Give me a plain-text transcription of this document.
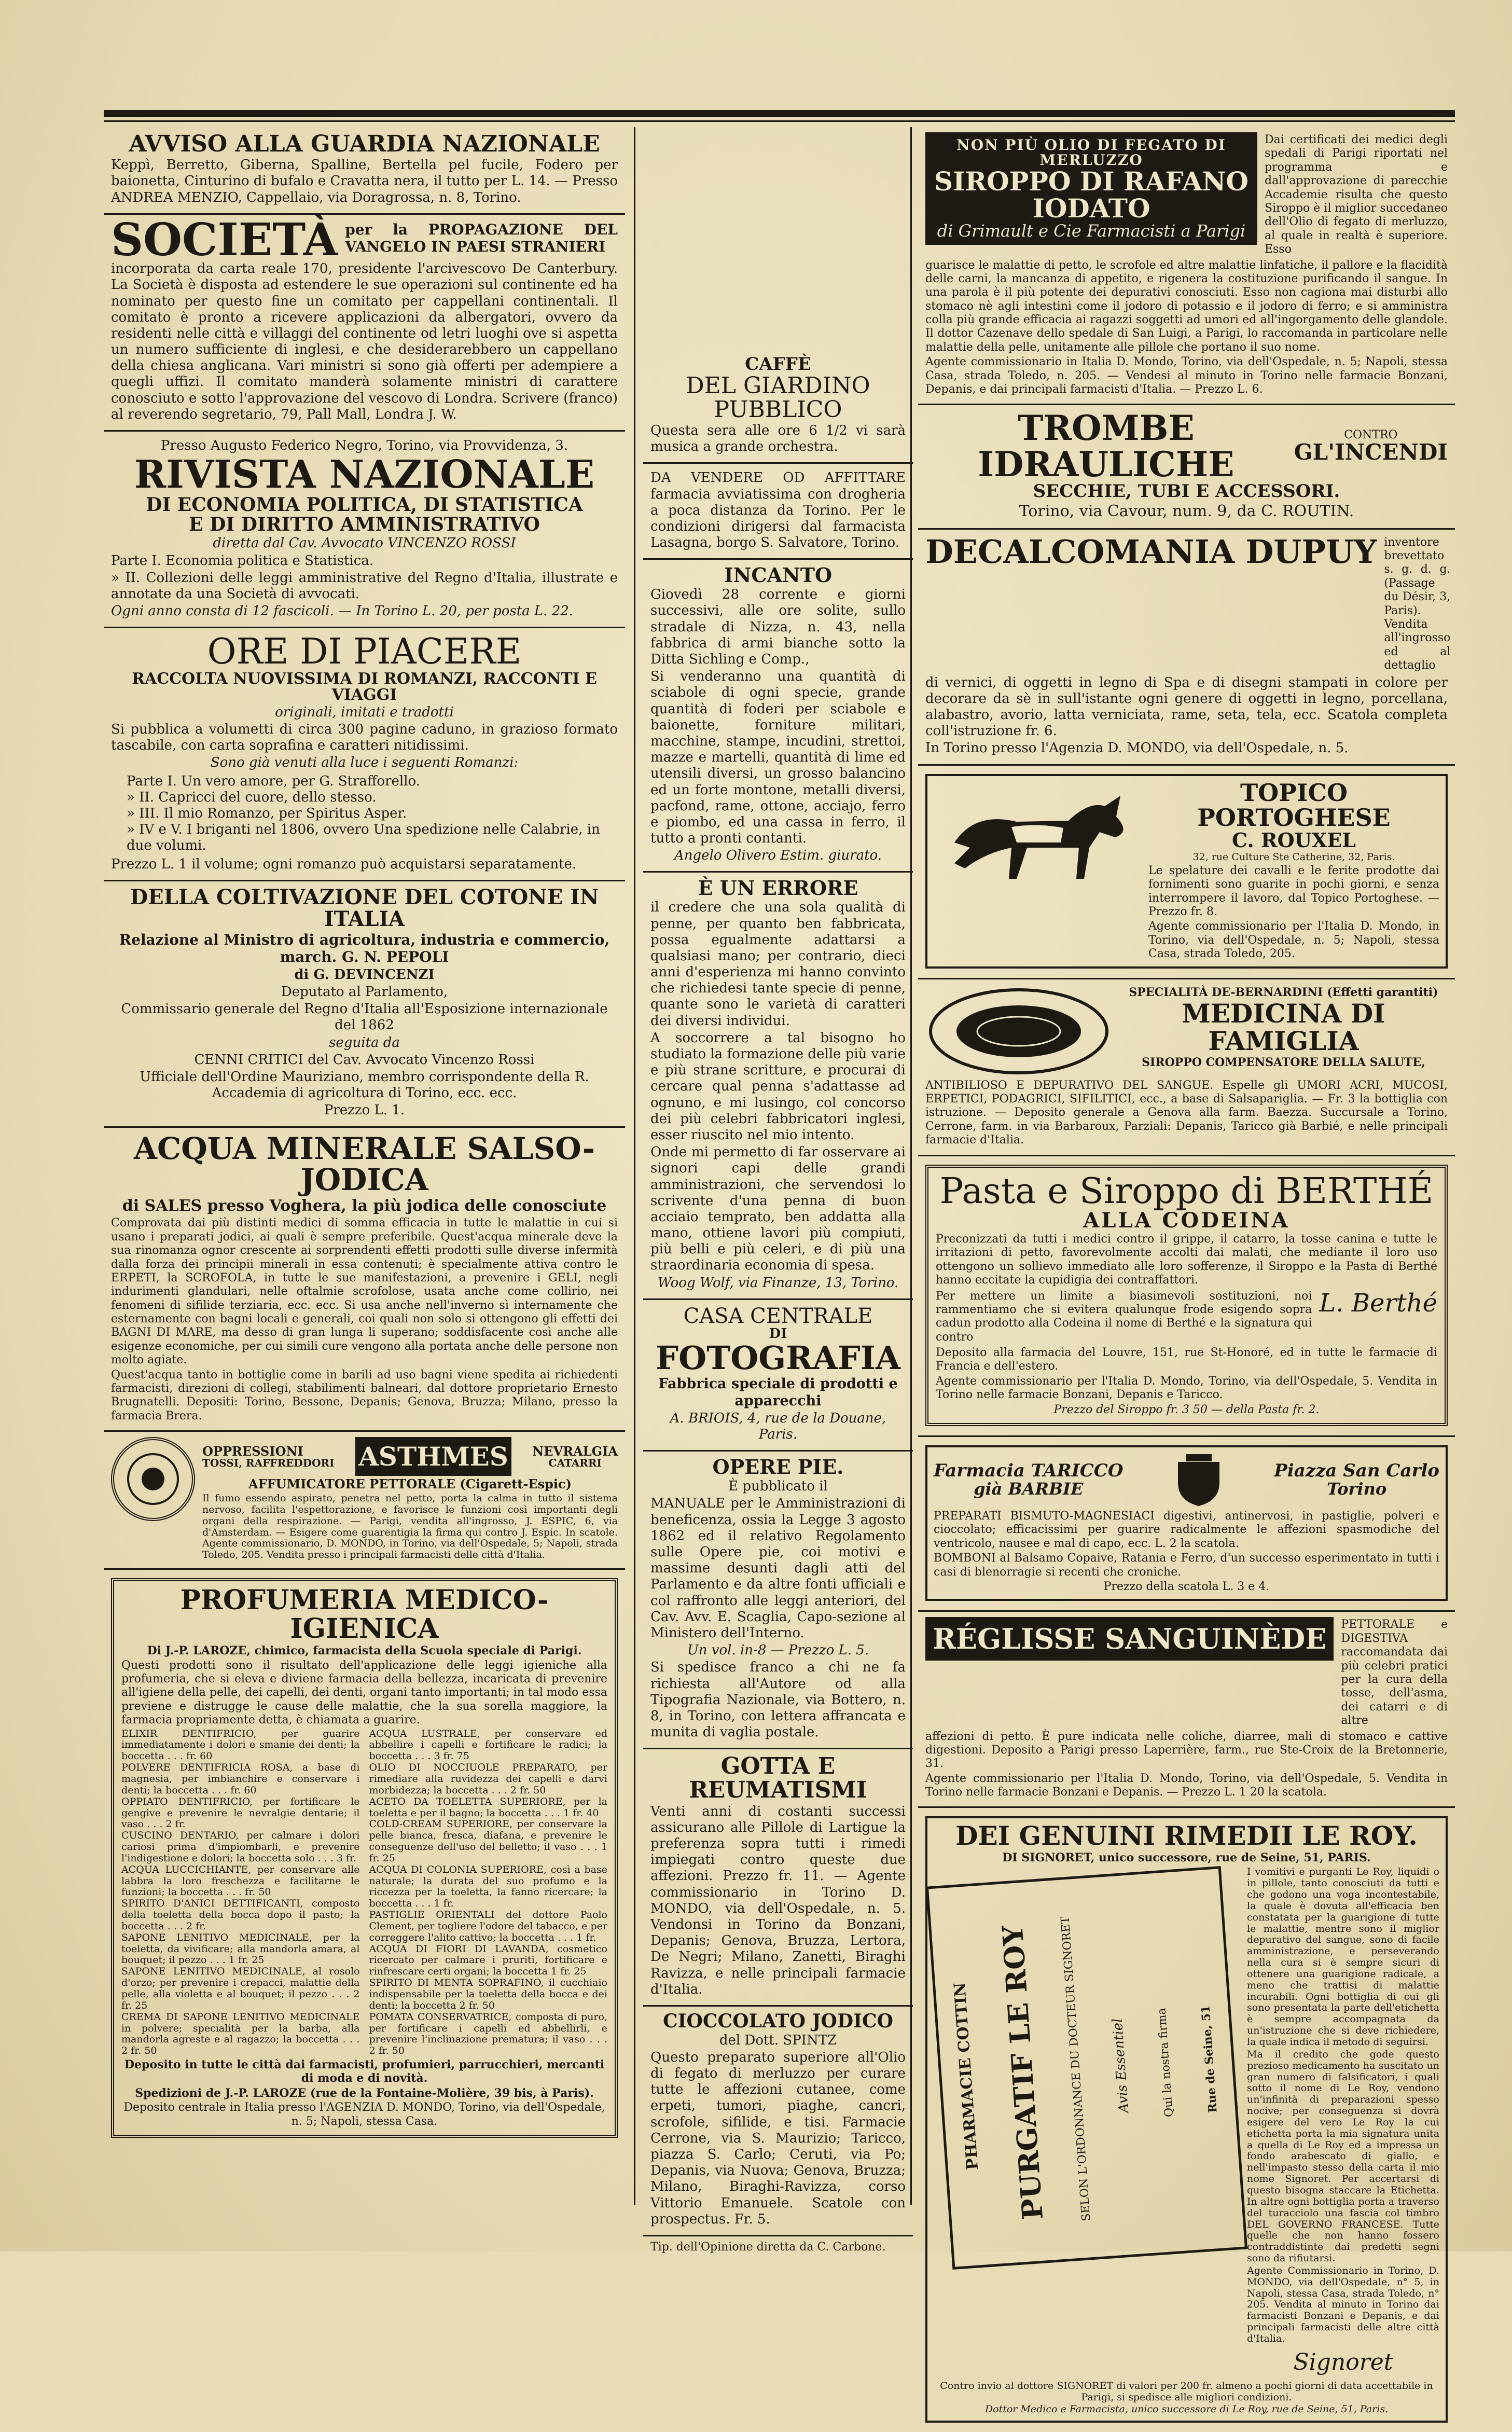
AVVISO ALLA GUARDIA NAZIONALE

Keppì, Berretto, Giberna, Spalline, Bertella pel fucile, Fodero per baionetta, Cinturino di bufalo e Cravatta nera, il tutto per L. 14. — Presso ANDREA MENZIO, Cappellaio, via Doragrossa, n. 8, Torino.

SOCIETÀ per la PROPAGAZIONE DEL VANGELO IN PAESI STRANIERI

incorporata da carta reale 170, presidente l'arcivescovo De Canterbury. La Società è disposta ad estendere le sue operazioni sul continente ed ha nominato per questo fine un comitato per cappellani continentali. Il comitato è pronto a ricevere applicazioni da albergatori, ovvero da residenti nelle città e villaggi del continente od letri luoghi ove si aspetta un numero sufficiente di inglesi, e che desiderarebbero un cappellano della chiesa anglicana. Vari ministri si sono già offerti per adempiere a quegli uffizi. Il comitato manderà solamente ministri di carattere conosciuto e sotto l'approvazione del vescovo di Londra. Scrivere (franco) al reverendo segretario, 79, Pall Mall, Londra J. W.

Presso Augusto Federico Negro, Torino, via Provvidenza, 3.

RIVISTA NAZIONALE

DI ECONOMIA POLITICA, DI STATISTICA

E DI DIRITTO AMMINISTRATIVO

diretta dal Cav. Avvocato VINCENZO ROSSI

Parte I. Economia politica e Statistica.

» II. Collezioni delle leggi amministrative del Regno d'Italia, illustrate e annotate da una Società di avvocati.

Ogni anno consta di 12 fascicoli. — In Torino L. 20, per posta L. 22.

ORE DI PIACERE

RACCOLTA NUOVISSIMA DI ROMANZI, RACCONTI E VIAGGI

originali, imitati e tradotti

Si pubblica a volumetti di circa 300 pagine caduno, in grazioso formato tascabile, con carta soprafina e caratteri nitidissimi.

Sono già venuti alla luce i seguenti Romanzi:

Parte I. Un vero amore, per G. Strafforello.
» II. Capricci del cuore, dello stesso.
» III. Il mio Romanzo, per Spiritus Asper.
» IV e V. I briganti nel 1806, ovvero Una spedizione nelle Calabrie, in due volumi.

Prezzo L. 1 il volume; ogni romanzo può acquistarsi separatamente.

DELLA COLTIVAZIONE DEL COTONE IN ITALIA

Relazione al Ministro di agricoltura, industria e commercio, march. G. N. PEPOLI

di G. DEVINCENZI

Deputato al Parlamento,

Commissario generale del Regno d'Italia all'Esposizione internazionale del 1862

seguita da

CENNI CRITICI del Cav. Avvocato Vincenzo Rossi

Ufficiale dell'Ordine Mauriziano, membro corrispondente della R. Accademia di agricoltura di Torino, ecc. ecc.

Prezzo L. 1.

ACQUA MINERALE SALSO-JODICA

di SALES presso Voghera, la più jodica delle conosciute

Comprovata dai più distinti medici di somma efficacia in tutte le malattie in cui si usano i preparati jodici, ai quali è sempre preferibile. Quest'acqua minerale deve la sua rinomanza ognor crescente ai sorprendenti effetti prodotti sulle diverse infermità dalla forza dei principii minerali in essa contenuti; è specialmente attiva contro le ERPETI, la SCROFOLA, in tutte le sue manifestazioni, a prevenire i GELI, negli indurimenti glandulari, nelle oftalmie scrofolose, usata anche come collirio, nei fenomeni di sifilide terziaria, ecc. ecc. Si usa anche nell'inverno sì internamente che esternamente con bagni locali e generali, coi quali non solo si ottengono gli effetti dei BAGNI DI MARE, ma desso di gran lunga li superano; soddisfacente così anche alle esigenze economiche, per cui simili cure vengono alla portata anche delle persone non molto agiate.

Quest'acqua tanto in bottiglie come in barili ad uso bagni viene spedita ai richiedenti farmacisti, direzioni di collegi, stabilimenti balneari, dal dottore proprietario Ernesto Brugnatelli. Depositi: Torino, Bessone, Depanis; Genova, Bruzza; Milano, presso la farmacia Brera.

OPPRESSIONI

TOSSI, RAFFREDDORI ASTHMES NEVRALGIA

CATARRI

AFFUMICATORE PETTORALE (Cigarett-Espic)

Il fumo essendo aspirato, penetra nel petto, porta la calma in tutto il sistema nervoso, facilita l'espettorazione, e favorisce le funzioni così importanti degli organi della respirazione. — Parigi, vendita all'ingrosso, J. ESPIC, 6, via d'Amsterdam. — Esigere come guarentigia la firma qui contro J. Espic. In scatole. Agente commissionario, D. MONDO, in Torino, via dell'Ospedale, 5; Napoli, strada Toledo, 205. Vendita presso i principali farmacisti delle città d'Italia.

PROFUMERIA MEDICO-IGIENICA

Di J.-P. LAROZE, chimico, farmacista della Scuola speciale di Parigi.

Questi prodotti sono il risultato dell'applicazione delle leggi igieniche alla profumeria, che si eleva e diviene farmacia della bellezza, incaricata di prevenire all'igiene della pelle, dei capelli, dei denti, organi tanto importanti; in tal modo essa previene e distrugge le cause delle malattie, che la sua sorella maggiore, la farmacia propriamente detta, è chiamata a guarire.

ELIXIR DENTIFRICIO, per guarire immediatamente i dolori e smanie dei denti; la boccetta . . . fr. 60

POLVERE DENTIFRICIA ROSA, a base di magnesia, per imbianchire e conservare i denti; la boccetta . . . fr. 60

OPPIATO DENTIFRICIO, per fortificare le gengive e prevenire le nevralgie dentarie; il vaso . . . 2 fr.

CUSCINO DENTARIO, per calmare i dolori cariosi prima d'impiombarli, e prevenire l'indigestione e dolori; la boccetta solo . . . 3 fr.

ACQUA LUCCICHIANTE, per conservare alle labbra la loro freschezza e facilitarne le funzioni; la boccetta . . . fr. 50

SPIRITO D'ANICI DETTIFICANTI, composto della toeletta della bocca dopo il pasto; la boccetta . . . 2 fr.

SAPONE LENITIVO MEDICINALE, per la toeletta, da vivificare; alla mandorla amara, al bouquet; il pezzo . . . 1 fr. 25

SAPONE LENITIVO MEDICINALE, al rosolo d'orzo; per prevenire i crepacci, malattie della pelle, alla violetta e al bouquet; il pezzo . . . 2 fr. 25

CREMA DI SAPONE LENITIVO MEDICINALE in polvere; specialità per la barba, alla mandorla agreste e al ragazzo; la boccetta . . . 2 fr. 50

ACQUA LUSTRALE, per conservare ed abbellire i capelli e fortificare le radici; la boccetta . . . 3 fr. 75

OLIO DI NOCCIUOLE PREPARATO, per rimediare alla ruvidezza dei capelli e darvi morbidezza; la boccetta . . . 2 fr. 50

ACETO DA TOELETTA SUPERIORE, per la toeletta e per il bagno; la boccetta . . . 1 fr. 40

COLD-CREAM SUPERIORE, per conservare la pelle bianca, fresca, diafana, e prevenire le conseguenze dell'uso del belletto; il vaso . . . 1 fr. 25

ACQUA DI COLONIA SUPERIORE, così a base naturale; la durata del suo profumo e la riccezza per la toeletta, la fanno ricercare; la boccetta . . . 1 fr.

PASTIGLIE ORIENTALI del dottore Paolo Clement, per togliere l'odore del tabacco, e per correggere l'alito cattivo; la boccetta . . . 1 fr.

ACQUA DI FIORI DI LAVANDA, cosmetico ricercato per calmare i pruriti, fortificare e rinfrescare certi organi; la boccetta 1 fr. 25

SPIRITO DI MENTA SOPRAFINO, il cucchiaio indispensabile per la toeletta della bocca e dei denti; la boccetta 2 fr. 50

POMATA CONSERVATRICE, composta di puro, per fortificare i capelli ed abbellirli, e prevenire l'inclinazione prematura; il vaso . . . 2 fr. 50

Deposito in tutte le città dai farmacisti, profumieri, parrucchieri, mercanti di moda e di novità.

Spedizioni de J.-P. LAROZE (rue de la Fontaine-Molière, 39 bis, à Paris).

Deposito centrale in Italia presso l'AGENZIA D. MONDO, Torino, via dell'Ospedale, n. 5; Napoli, stessa Casa.

CAFFÈ

DEL GIARDINO PUBBLICO

Questa sera alle ore 6 1/2 vi sarà musica a grande orchestra.

DA VENDERE OD AFFITTARE farmacia avviatissima con drogheria a poca distanza da Torino. Per le condizioni dirigersi dal farmacista Lasagna, borgo S. Salvatore, Torino.

INCANTO

Giovedì 28 corrente e giorni successivi, alle ore solite, sullo stradale di Nizza, n. 43, nella fabbrica di armi bianche sotto la Ditta Sichling e Comp.,

Si venderanno una quantità di sciabole di ogni specie, grande quantità di foderi per sciabole e baionette, forniture militari, macchine, stampe, incudini, strettoi, mazze e martelli, quantità di lime ed utensili diversi, un grosso balancino ed un forte montone, metalli diversi, pacfond, rame, ottone, acciajo, ferro e piombo, ed una cassa in ferro, il tutto a pronti contanti.

Angelo Olivero Estim. giurato.

È UN ERRORE

il credere che una sola qualità di penne, per quanto ben fabbricata, possa egualmente adattarsi a qualsiasi mano; per contrario, dieci anni d'esperienza mi hanno convinto che richiedesi tante specie di penne, quante sono le varietà di caratteri dei diversi individui.

A soccorrere a tal bisogno ho studiato la formazione delle più varie e più strane scritture, e procurai di cercare qual penna s'adattasse ad ognuno, e mi lusingo, col concorso dei più celebri fabbricatori inglesi, esser riuscito nel mio intento.

Onde mi permetto di far osservare ai signori capi delle grandi amministrazioni, che servendosi lo scrivente d'una penna di buon acciaio temprato, ben addatta alla mano, ottiene lavori più compiuti, più belli e più celeri, e di più una straordinaria economia di spesa.

Woog Wolf, via Finanze, 13, Torino.

CASA CENTRALE

DI

FOTOGRAFIA

Fabbrica speciale di prodotti e apparecchi

A. BRIOIS, 4, rue de la Douane, Paris.

OPERE PIE.

È pubblicato il

MANUALE per le Amministrazioni di beneficenza, ossia la Legge 3 agosto 1862 ed il relativo Regolamento sulle Opere pie, coi motivi e massime desunti dagli atti del Parlamento e da altre fonti ufficiali e col raffronto alle leggi anteriori, del Cav. Avv. E. Scaglia, Capo-sezione al Ministero dell'Interno.

Un vol. in-8 — Prezzo L. 5.

Si spedisce franco a chi ne fa richiesta all'Autore od alla Tipografia Nazionale, via Bottero, n. 8, in Torino, con lettera affrancata e munita di vaglia postale.

GOTTA E REUMATISMI

Venti anni di costanti successi assicurano alle Pillole di Lartigue la preferenza sopra tutti i rimedi impiegati contro queste due affezioni. Prezzo fr. 11. — Agente commissionario in Torino D. MONDO, via dell'Ospedale, n. 5. Vendonsi in Torino da Bonzani, Depanis; Genova, Bruzza, Lertora, De Negri; Milano, Zanetti, Biraghi Ravizza, e nelle principali farmacie d'Italia.

CIOCCOLATO JODICO

del Dott. SPINTZ

Questo preparato superiore all'Olio di fegato di merluzzo per curare tutte le affezioni cutanee, come erpeti, tumori, piaghe, cancri, scrofole, sifilide, e tisi. Farmacie Cerrone, via S. Maurizio; Taricco, piazza S. Carlo; Ceruti, via Po; Depanis, via Nuova; Genova, Bruzza; Milano, Biraghi-Ravizza, corso Vittorio Emanuele. Scatole con prospectus. Fr. 5.

Tip. dell'Opinione diretta da C. Carbone.

NON PIÙ OLIO DI FEGATO DI MERLUZZO

SIROPPO DI RAFANO IODATO

di Grimault e Cie Farmacisti a Parigi

Dai certificati dei medici degli spedali di Parigi riportati nel programma e dall'approvazione di parecchie Accademie risulta che questo Siroppo è il miglior succedaneo dell'Olio di fegato di merluzzo, al quale in realtà è superiore. Esso

guarisce le malattie di petto, le scrofole ed altre malattie linfatiche, il pallore e la flacidità delle carni, la mancanza di appetito, e rigenera la costituzione purificando il sangue. In una parola è il più potente dei depurativi conosciuti. Esso non cagiona mai disturbi allo stomaco nè agli intestini come il jodoro di potassio e il jodoro di ferro; e si amministra colla più grande efficacia ai ragazzi soggetti ad umori ed all'ingorgamento delle glandole. Il dottor Cazenave dello spedale di San Luigi, a Parigi, lo raccomanda in particolare nelle malattie della pelle, unitamente alle pillole che portano il suo nome.

Agente commissionario in Italia D. Mondo, Torino, via dell'Ospedale, n. 5; Napoli, stessa Casa, strada Toledo, n. 205. — Vendesi al minuto in Torino nelle farmacie Bonzani, Depanis, e dai principali farmacisti d'Italia. — Prezzo L. 6.

TROMBE IDRAULICHE

CONTRO

GL'INCENDI

SECCHIE, TUBI E ACCESSORI.

Torino, via Cavour, num. 9, da C. ROUTIN.

DECALCOMANIA DUPUY inventore brevettato s. g. d. g. (Passage du Désir, 3, Paris). Vendita all'ingrosso ed al dettaglio

di vernici, di oggetti in legno di Spa e di disegni stampati in colore per decorare da sè in sull'istante ogni genere di oggetti in legno, porcellana, alabastro, avorio, latta verniciata, rame, seta, tela, ecc. Scatola completa coll'istruzione fr. 6.

In Torino presso l'Agenzia D. MONDO, via dell'Ospedale, n. 5.

TOPICO PORTOGHESE

C. ROUXEL

32, rue Culture Ste Catherine, 32, Paris.

Le spelature dei cavalli e le ferite prodotte dai fornimenti sono guarite in pochi giorni, e senza interrompere il lavoro, dal Topico Portoghese. — Prezzo fr. 8.

Agente commissionario per l'Italia D. Mondo, in Torino, via dell'Ospedale, n. 5; Napoli, stessa Casa, strada Toledo, 205.

SPECIALITÀ DE-BERNARDINI (Effetti garantiti)

MEDICINA DI FAMIGLIA

SIROPPO COMPENSATORE DELLA SALUTE,

ANTIBILIOSO E DEPURATIVO DEL SANGUE. Espelle gli UMORI ACRI, MUCOSI, ERPETICI, PODAGRICI, SIFILITICI, ecc., a base di Salsapariglia. — Fr. 3 la bottiglia con istruzione. — Deposito generale a Genova alla farm. Baezza. Succursale a Torino, Cerrone, farm. in via Barbaroux, Parziali: Depanis, Taricco già Barbié, e nelle principali farmacie d'Italia.

Pasta e Siroppo di BERTHÉ

ALLA CODEINA

Preconizzati da tutti i medici contro il grippe, il catarro, la tosse canina e tutte le irritazioni di petto, favorevolmente accolti dai malati, che mediante il loro uso ottengono un sollievo immediato alle loro sofferenze, il Siroppo e la Pasta di Berthé hanno eccitate la cupidigia dei contraffattori.

Per mettere un limite a biasimevoli sostituzioni, noi rammentiamo che si evitera qualunque frode esigendo sopra cadun prodotto alla Codeina il nome di Berthé e la signatura qui contro

L. Berthé

Deposito alla farmacia del Louvre, 151, rue St-Honoré, ed in tutte le farmacie di Francia e dell'estero.

Agente commissionario per l'Italia D. Mondo, Torino, via dell'Ospedale, 5. Vendita in Torino nelle farmacie Bonzani, Depanis e Taricco.

Prezzo del Siroppo fr. 3 50 — della Pasta fr. 2.

Farmacia TARICCO

già BARBIE

Piazza San Carlo

Torino

PREPARATI BISMUTO-MAGNESIACI digestivi, antinervosi, in pastiglie, polveri e cioccolato; efficacissimi per guarire radicalmente le affezioni spasmodiche del ventricolo, nausee e mal di capo, ecc. L. 2 la scatola.

BOMBONI al Balsamo Copaive, Ratania e Ferro, d'un successo esperimentato in tutti i casi di blenorragie si recenti che croniche.

Prezzo della scatola L. 3 e 4.

RÉGLISSE SANGUINÈDE	PETTORALE e DIGESTIVA raccomandata dai più celebri pratici per la cura della tosse, dell'asma, dei catarri e di altre

affezioni di petto. È pure indicata nelle coliche, diarree, mali di stomaco e cattive digestioni. Deposito a Parigi presso Laperrière, farm., rue Ste-Croix de la Bretonnerie, 31.

Agente commissionario per l'Italia D. Mondo, Torino, via dell'Ospedale, 5. Vendita in Torino nelle farmacie Bonzani e Depanis. — Prezzo L. 1 20 la scatola.

DEI GENUINI RIMEDII LE ROY.

DI SIGNORET, unico successore, rue de Seine, 51, PARIS.

PHARMACIE COTTIN PURGATIF LE ROY SELON L'ORDONNANCE DU DOCTEUR SIGNORET Avis Essentiel Qui la nostra firma Rue de Seine, 51

I vomitivi e purganti Le Roy, liquidi o in pillole, tanto conosciuti da tutti e che godono una voga incontestabile, la quale è dovuta all'efficacia ben constatata per la guarigione di tutte le malattie, mentre sono il miglior depurativo del sangue, sono di facile amministrazione, e perseverando nella cura si è sempre sicuri di ottenere una guarigione radicale, a meno che trattisi di malattie incurabili. Ogni bottiglia di cui gli sono presentata la parte dell'etichetta è sempre accompagnata da un'istruzione che si deve richiedere, la quale indica il metodo di seguirsi.

Ma il credito che gode questo prezioso medicamento ha suscitato un gran numero di falsificatori, i quali sotto il nome di Le Roy, vendono un'infinità di preparazioni spesso nocive; per conseguenza si dovrà esigere del vero Le Roy la cui etichetta porta la mia signatura unita a quella di Le Roy ed a impressa un fondo arabescato di giallo, e nell'impasto stesso della carta il mio nome Signoret. Per accertarsi di questo bisogna staccare la Etichetta. In altre ogni bottiglia porta a traverso del turacciolo una fascia col timbro DEL GOVERNO FRANCESE. Tutte quelle che non hanno fossero contraddistinte dai predetti segni sono da rifiutarsi.

Agente Commissionario in Torino, D. MONDO, via dell'Ospedale, n° 5, in Napoli, stessa Casa, strada Toledo, n° 205. Vendita al minuto in Torino dai farmacisti Bonzani e Depanis, e dai principali farmacisti delle altre città d'Italia.

Signoret

Contro invio al dottore SIGNORET di valori per 200 fr. almeno a pochi giorni di data accettabile in Parigi, si spedisce alle migliori condizioni.

Dottor Medico e Farmacista, unico successore di Le Roy, rue de Seine, 51, Paris.
